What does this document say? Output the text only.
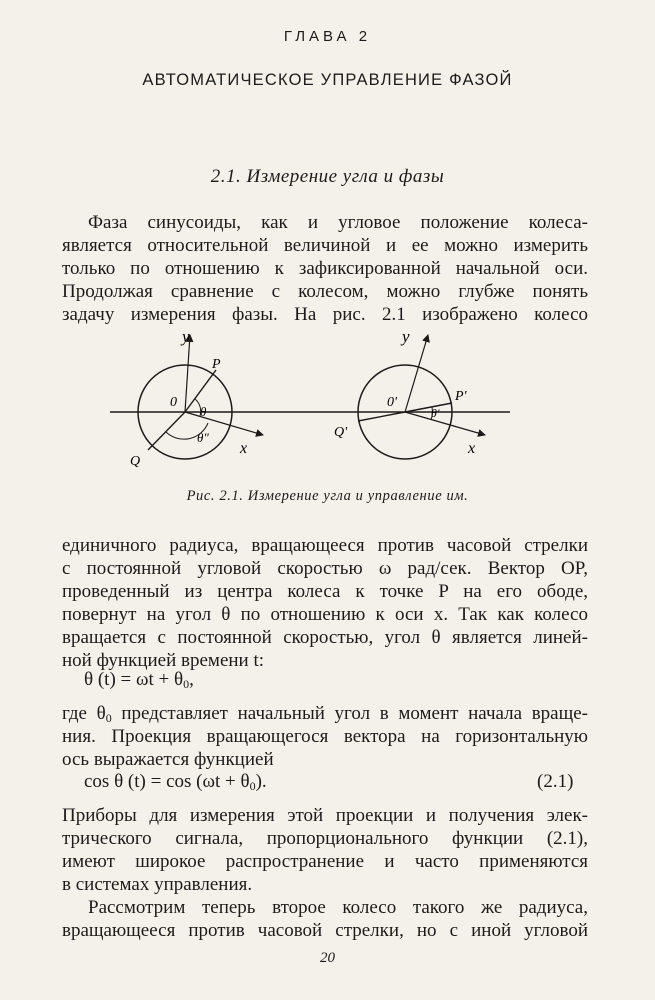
ГЛАВА 2
АВТОМАТИЧЕСКОЕ УПРАВЛЕНИЕ ФАЗОЙ
2.1. Измерение угла и фазы
Фаза синусоиды, как и угловое положение колеса-
является относительной величиной и ее можно измерить
только по отношению к зафиксированной начальной оси.
Продолжая сравнение с колесом, можно глубже понять
задачу измерения фазы. На рис. 2.1 изображено колесо
y
P
0
θ
θ"
Q
x
y
P'
0'
θ'
Q'
x
Рис. 2.1. Измерение угла и управление им.
единичного радиуса, вращающееся против часовой стрелки
с постоянной угловой скоростью ω рад/сек. Вектор OP,
проведенный из центра колеса к точке P на его ободе,
повернут на угол θ по отношению к оси x. Так как колесо
вращается с постоянной скоростью, угол θ является линей-
ной функцией времени t:
θ $(t) = \omega t + \theta_0$,
где $\theta_0$ представляет начальный угол в момент начала враще-
ния. Проекция вращающегося вектора на горизонтальную
ось выражается функцией
cos θ $(t) = \cos (\omega t + \theta_0)$.	(2.1)
Приборы для измерения этой проекции и получения элек-
трического сигнала, пропорционального функции (2.1),
имеют широкое распространение и часто применяются
в системах управления.
Рассмотрим теперь второе колесо такого же радиуса,
вращающееся против часовой стрелки, но с иной угловой
20
